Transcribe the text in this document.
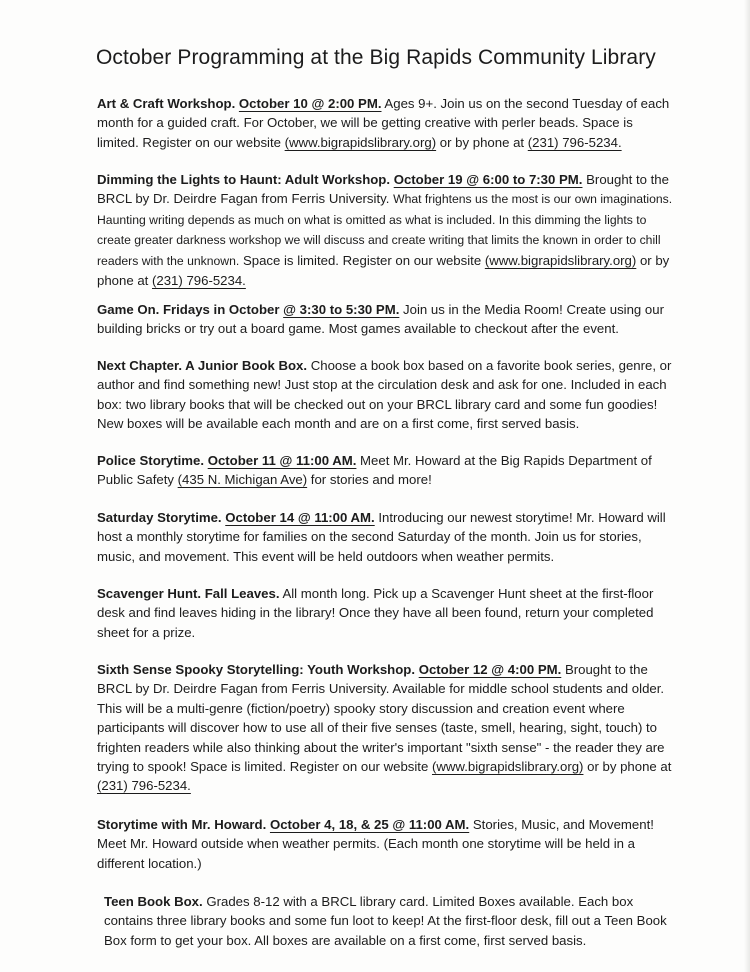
October Programming at the Big Rapids Community Library
Art & Craft Workshop. October 10 @ 2:00 PM. Ages 9+. Join us on the second Tuesday of each month for a guided craft. For October, we will be getting creative with perler beads. Space is limited. Register on our website (www.bigrapidslibrary.org) or by phone at (231) 796-5234.
Dimming the Lights to Haunt: Adult Workshop. October 19 @ 6:00 to 7:30 PM. Brought to the BRCL by Dr. Deirdre Fagan from Ferris University. What frightens us the most is our own imaginations. Haunting writing depends as much on what is omitted as what is included. In this dimming the lights to create greater darkness workshop we will discuss and create writing that limits the known in order to chill readers with the unknown. Space is limited. Register on our website (www.bigrapidslibrary.org) or by phone at (231) 796-5234.
Game On. Fridays in October @ 3:30 to 5:30 PM. Join us in the Media Room! Create using our building bricks or try out a board game. Most games available to checkout after the event.
Next Chapter. A Junior Book Box. Choose a book box based on a favorite book series, genre, or author and find something new! Just stop at the circulation desk and ask for one. Included in each box: two library books that will be checked out on your BRCL library card and some fun goodies! New boxes will be available each month and are on a first come, first served basis.
Police Storytime. October 11 @ 11:00 AM. Meet Mr. Howard at the Big Rapids Department of Public Safety (435 N. Michigan Ave) for stories and more!
Saturday Storytime. October 14 @ 11:00 AM. Introducing our newest storytime! Mr. Howard will host a monthly storytime for families on the second Saturday of the month. Join us for stories, music, and movement. This event will be held outdoors when weather permits.
Scavenger Hunt. Fall Leaves. All month long. Pick up a Scavenger Hunt sheet at the first-floor desk and find leaves hiding in the library! Once they have all been found, return your completed sheet for a prize.
Sixth Sense Spooky Storytelling: Youth Workshop. October 12 @ 4:00 PM. Brought to the BRCL by Dr. Deirdre Fagan from Ferris University. Available for middle school students and older. This will be a multi-genre (fiction/poetry) spooky story discussion and creation event where participants will discover how to use all of their five senses (taste, smell, hearing, sight, touch) to frighten readers while also thinking about the writer's important "sixth sense" - the reader they are trying to spook! Space is limited. Register on our website (www.bigrapidslibrary.org) or by phone at (231) 796-5234.
Storytime with Mr. Howard. October 4, 18, & 25 @ 11:00 AM. Stories, Music, and Movement! Meet Mr. Howard outside when weather permits. (Each month one storytime will be held in a different location.)
Teen Book Box. Grades 8-12 with a BRCL library card. Limited Boxes available. Each box contains three library books and some fun loot to keep! At the first-floor desk, fill out a Teen Book Box form to get your box. All boxes are available on a first come, first served basis.
